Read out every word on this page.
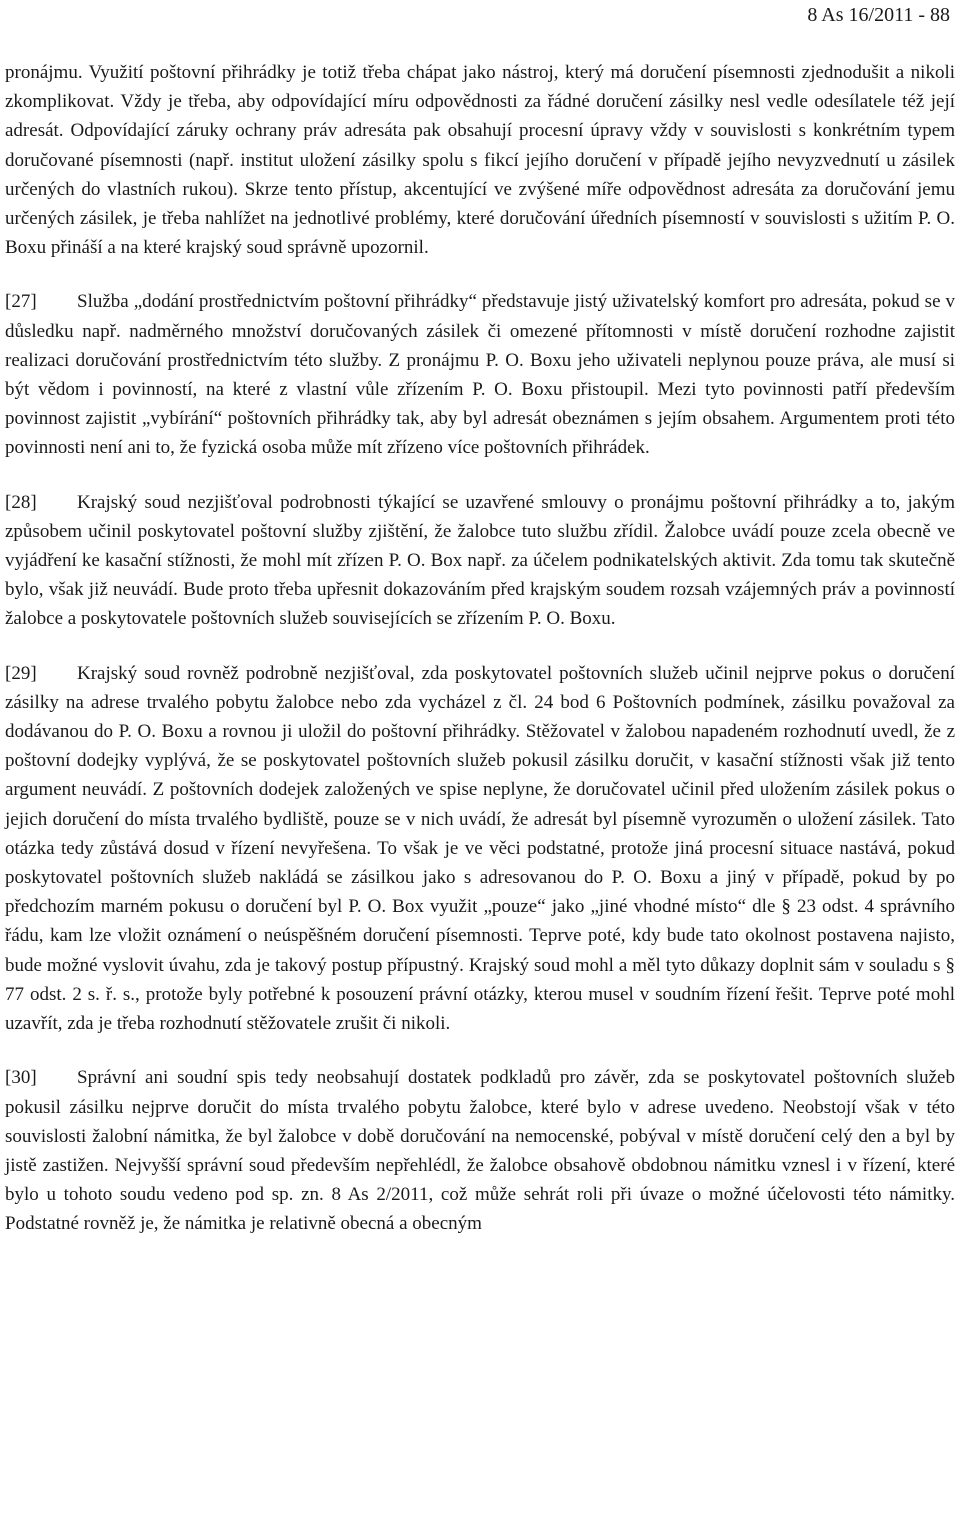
8 As 16/2011 - 88

pronájmu. Využití poštovní přihrádky je totiž třeba chápat jako nástroj, který má doručení písemnosti zjednodušit a nikoli zkomplikovat. Vždy je třeba, aby odpovídající míru odpovědnosti za řádné doručení zásilky nesl vedle odesílatele též její adresát. Odpovídající záruky ochrany práv adresáta pak obsahují procesní úpravy vždy v souvislosti s konkrétním typem doručované písemnosti (např. institut uložení zásilky spolu s fikcí jejího doručení v případě jejího nevyzvednutí u zásilek určených do vlastních rukou). Skrze tento přístup, akcentující ve zvýšené míře odpovědnost adresáta za doručování jemu určených zásilek, je třeba nahlížet na jednotlivé problémy, které doručování úředních písemností v souvislosti s užitím P. O. Boxu přináší a na které krajský soud správně upozornil.

[27] Služba „dodání prostřednictvím poštovní přihrádky“ představuje jistý uživatelský komfort pro adresáta, pokud se v důsledku např. nadměrného množství doručovaných zásilek či omezené přítomnosti v místě doručení rozhodne zajistit realizaci doručování prostřednictvím této služby. Z pronájmu P. O. Boxu jeho uživateli neplynou pouze práva, ale musí si být vědom i povinností, na které z vlastní vůle zřízením P. O. Boxu přistoupil. Mezi tyto povinnosti patří především povinnost zajistit „vybírání“ poštovních přihrádky tak, aby byl adresát obeznámen s jejím obsahem. Argumentem proti této povinnosti není ani to, že fyzická osoba může mít zřízeno více poštovních přihrádek.

[28] Krajský soud nezjišťoval podrobnosti týkající se uzavřené smlouvy o pronájmu poštovní přihrádky a to, jakým způsobem učinil poskytovatel poštovní služby zjištění, že žalobce tuto službu zřídil. Žalobce uvádí pouze zcela obecně ve vyjádření ke kasační stížnosti, že mohl mít zřízen P. O. Box např. za účelem podnikatelských aktivit. Zda tomu tak skutečně bylo, však již neuvádí. Bude proto třeba upřesnit dokazováním před krajským soudem rozsah vzájemných práv a povinností žalobce a poskytovatele poštovních služeb souvisejících se zřízením P. O. Boxu.

[29] Krajský soud rovněž podrobně nezjišťoval, zda poskytovatel poštovních služeb učinil nejprve pokus o doručení zásilky na adrese trvalého pobytu žalobce nebo zda vycházel z čl. 24 bod 6 Poštovních podmínek, zásilku považoval za dodávanou do P. O. Boxu a rovnou ji uložil do poštovní přihrádky. Stěžovatel v žalobou napadeném rozhodnutí uvedl, že z poštovní dodejky vyplývá, že se poskytovatel poštovních služeb pokusil zásilku doručit, v kasační stížnosti však již tento argument neuvádí. Z poštovních dodejek založených ve spise neplyne, že doručovatel učinil před uložením zásilek pokus o jejich doručení do místa trvalého bydliště, pouze se v nich uvádí, že adresát byl písemně vyrozuměn o uložení zásilek. Tato otázka tedy zůstává dosud v řízení nevyřešena. To však je ve věci podstatné, protože jiná procesní situace nastává, pokud poskytovatel poštovních služeb nakládá se zásilkou jako s adresovanou do P. O. Boxu a jiný v případě, pokud by po předchozím marném pokusu o doručení byl P. O. Box využit „pouze“ jako „jiné vhodné místo“ dle § 23 odst. 4 správního řádu, kam lze vložit oznámení o neúspěšném doručení písemnosti. Teprve poté, kdy bude tato okolnost postavena najisto, bude možné vyslovit úvahu, zda je takový postup přípustný. Krajský soud mohl a měl tyto důkazy doplnit sám v souladu s § 77 odst. 2 s. ř. s., protože byly potřebné k posouzení právní otázky, kterou musel v soudním řízení řešit. Teprve poté mohl uzavřít, zda je třeba rozhodnutí stěžovatele zrušit či nikoli.

[30] Správní ani soudní spis tedy neobsahují dostatek podkladů pro závěr, zda se poskytovatel poštovních služeb pokusil zásilku nejprve doručit do místa trvalého pobytu žalobce, které bylo v adrese uvedeno. Neobstojí však v této souvislosti žalobní námitka, že byl žalobce v době doručování na nemocenské, pobýval v místě doručení celý den a byl by jistě zastižen. Nejvyšší správní soud především nepřehlédl, že žalobce obsahově obdobnou námitku vznesl i v řízení, které bylo u tohoto soudu vedeno pod sp. zn. 8 As 2/2011, což může sehrát roli při úvaze o možné účelovosti této námitky. Podstatné rovněž je, že námitka je relativně obecná a obecným
